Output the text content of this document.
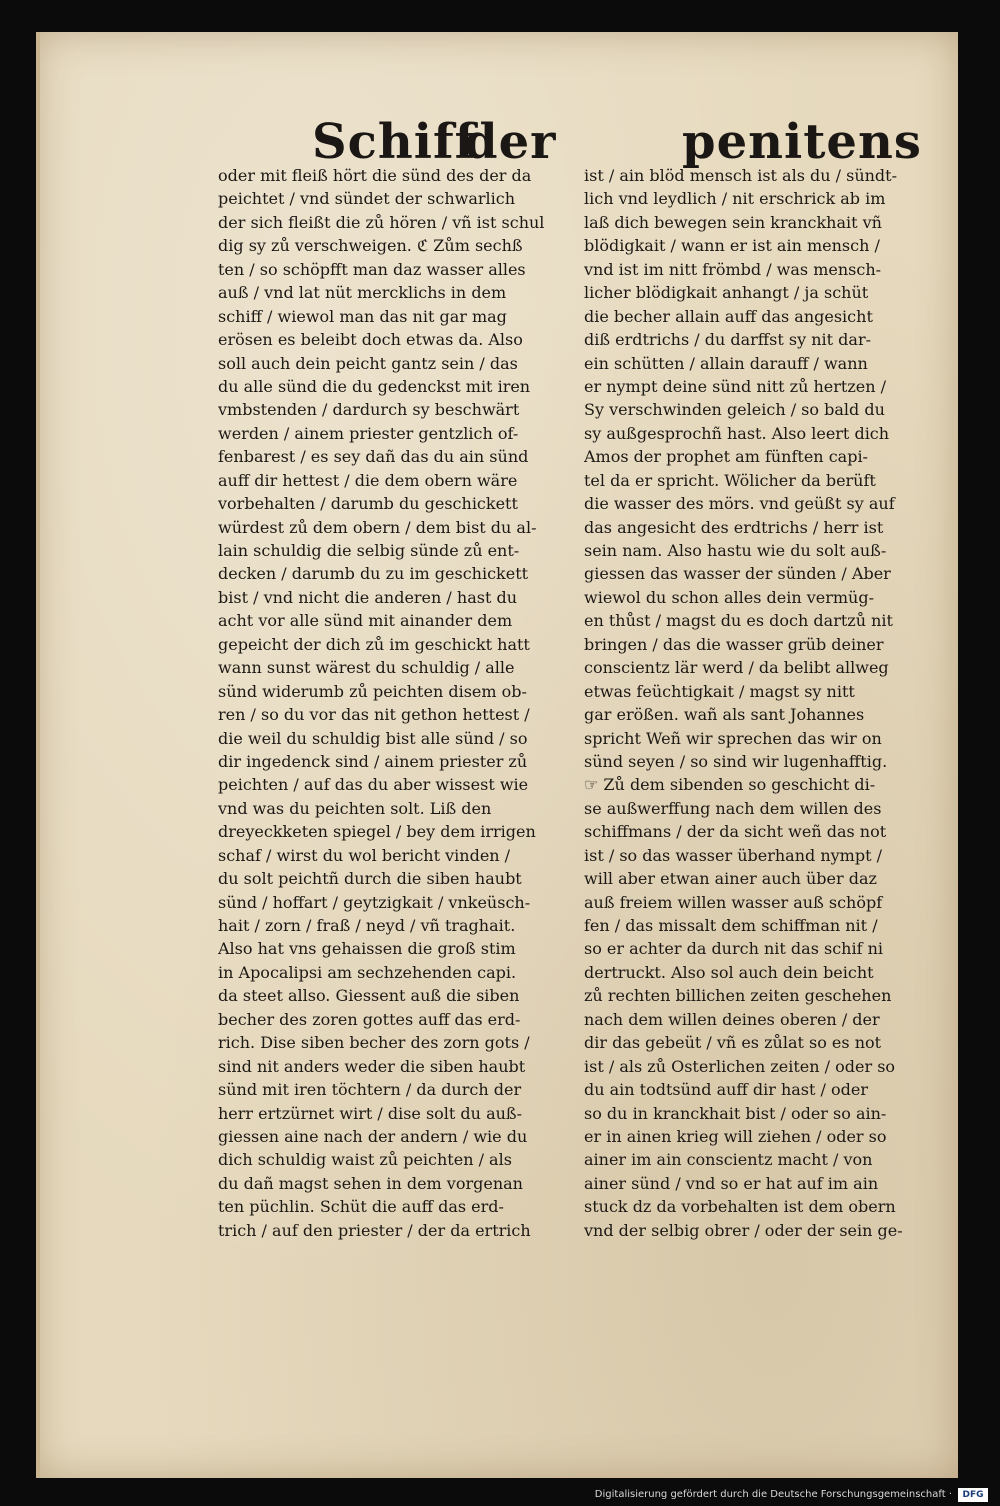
Schiff
der	penitens
oder mit fleiß hört die sünd des der da
peichtet / vnd sündet der schwarlich
der sich fleißt die zů hören / vñ ist schul
dig sy zů verschweigen. ℭ Zům sechß
ten / so schöpfft man daz wasser alles
auß / vnd lat nüt mercklichs in dem
schiff / wiewol man das nit gar mag
erösen es beleibt doch etwas da. Also
soll auch dein peicht gantz sein / das
du alle sünd die du gedenckst mit iren
vmbstenden / dardurch sy beschwärt
werden / ainem priester gentzlich of-
fenbarest / es sey dañ das du ain sünd
auff dir hettest / die dem obern wäre
vorbehalten / darumb du geschickett
würdest zů dem obern / dem bist du al-
lain schuldig die selbig sünde zů ent-
decken / darumb du zu im geschickett
bist / vnd nicht die anderen / hast du
acht vor alle sünd mit ainander dem
gepeicht der dich zů im geschickt hatt
wann sunst wärest du schuldig / alle
sünd widerumb zů peichten disem ob-
ren / so du vor das nit gethon hettest /
die weil du schuldig bist alle sünd / so
dir ingedenck sind / ainem priester zů
peichten / auf das du aber wissest wie
vnd was du peichten solt. Liß den
dreyeckketen spiegel / bey dem irrigen
schaf / wirst du wol bericht vinden /
du solt peichtñ durch die siben haubt
sünd / hoffart / geytzigkait / vnkeüsch-
hait / zorn / fraß / neyd / vñ traghait.
Also hat vns gehaissen die groß stim
in Apocalipsi am sechzehenden capi.
da steet allso. Giessent auß die siben
becher des zoren gottes auff das erd-
rich. Dise siben becher des zorn gots /
sind nit anders weder die siben haubt
sünd mit iren töchtern / da durch der
herr ertzürnet wirt / dise solt du auß-
giessen aine nach der andern / wie du
dich schuldig waist zů peichten / als
du dañ magst sehen in dem vorgenan
ten püchlin. Schüt die auff das erd-
trich / auf den priester / der da ertrich
ist / ain blöd mensch ist als du / sündt-
lich vnd leydlich / nit erschrick ab im
laß dich bewegen sein kranckhait vñ
blödigkait / wann er ist ain mensch /
vnd ist im nitt frömbd / was mensch-
licher blödigkait anhangt / ja schüt
die becher allain auff das angesicht
diß erdtrichs / du darffst sy nit dar-
ein schütten / allain darauff / wann
er nympt deine sünd nitt zů hertzen /
Sy verschwinden geleich / so bald du
sy außgesprochñ hast. Also leert dich
Amos der prophet am fünften capi-
tel da er spricht. Wölicher da berüft
die wasser des mörs. vnd geüßt sy auf
das angesicht des erdtrichs / herr ist
sein nam. Also hastu wie du solt auß-
giessen das wasser der sünden / Aber
wiewol du schon alles dein vermüg-
en thůst / magst du es doch dartzů nit
bringen / das die wasser grüb deiner
conscientz lär werd / da belibt allweg
etwas feüchtigkait / magst sy nitt
gar erößen. wañ als sant Johannes
spricht Weñ wir sprechen das wir on
sünd seyen / so sind wir lugenhafftig.
☞ Zů dem sibenden so geschicht di-
se außwerffung nach dem willen des
schiffmans / der da sicht weñ das not
ist / so das wasser überhand nympt /
will aber etwan ainer auch über daz
auß freiem willen wasser auß schöpf
fen / das missalt dem schiffman nit /
so er achter da durch nit das schif ni
dertruckt. Also sol auch dein beicht
zů rechten billichen zeiten geschehen
nach dem willen deines oberen / der
dir das gebeüt / vñ es zůlat so es not
ist / als zů Osterlichen zeiten / oder so
du ain todtsünd auff dir hast / oder
so du in kranckhait bist / oder so ain-
er in ainen krieg will ziehen / oder so
ainer im ain conscientz macht / von
ainer sünd / vnd so er hat auf im ain
stuck dz da vorbehalten ist dem obern
vnd der selbig obrer / oder der sein ge-
Digitalisierung gefördert durch die Deutsche Forschungsgemeinschaft ·	DFG
